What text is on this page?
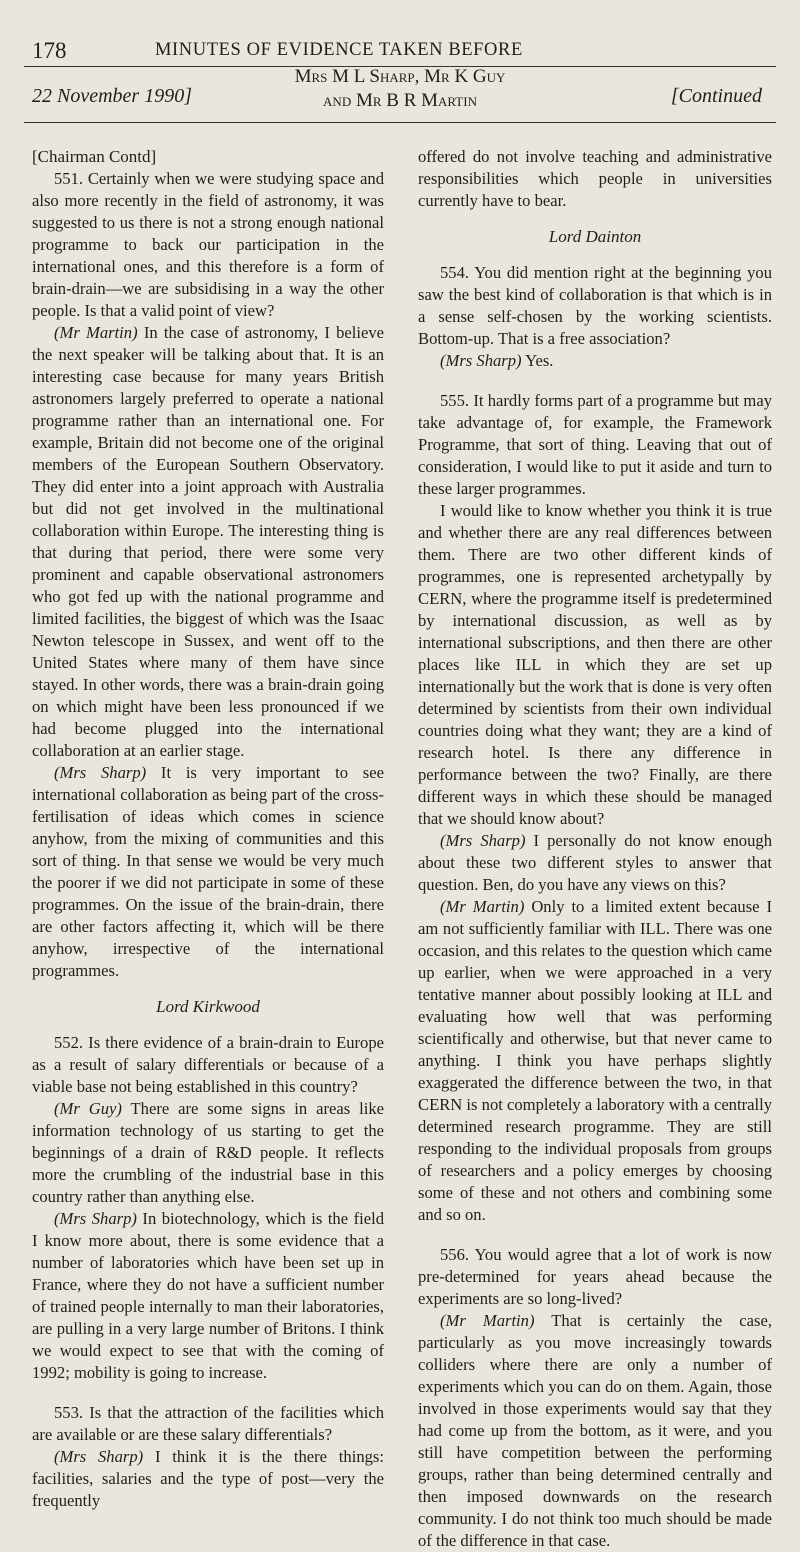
178	MINUTES OF EVIDENCE TAKEN BEFORE
22 November 1990]
Mrs M L Sharp, Mr K Guy
and Mr B R Martin	[Continued

[Chairman Contd]

551. Certainly when we were studying space and also more recently in the field of astronomy, it was suggested to us there is not a strong enough national programme to back our participation in the international ones, and this therefore is a form of brain-drain—we are subsidising in a way the other people. Is that a valid point of view?

(Mr Martin) In the case of astronomy, I believe the next speaker will be talking about that. It is an interesting case because for many years British astronomers largely preferred to operate a national programme rather than an international one. For example, Britain did not become one of the original members of the European Southern Observatory. They did enter into a joint approach with Australia but did not get involved in the multinational collaboration within Europe. The interesting thing is that during that period, there were some very prominent and capable observational astronomers who got fed up with the national programme and limited facilities, the biggest of which was the Isaac Newton telescope in Sussex, and went off to the United States where many of them have since stayed. In other words, there was a brain-drain going on which might have been less pronounced if we had become plugged into the international collaboration at an earlier stage.

(Mrs Sharp) It is very important to see international collaboration as being part of the cross-fertilisation of ideas which comes in science anyhow, from the mixing of communities and this sort of thing. In that sense we would be very much the poorer if we did not participate in some of these programmes. On the issue of the brain-drain, there are other factors affecting it, which will be there anyhow, irrespective of the international programmes.

Lord Kirkwood

552. Is there evidence of a brain-drain to Europe as a result of salary differentials or because of a viable base not being established in this country?

(Mr Guy) There are some signs in areas like information technology of us starting to get the beginnings of a drain of R&D people. It reflects more the crumbling of the industrial base in this country rather than anything else.

(Mrs Sharp) In biotechnology, which is the field I know more about, there is some evidence that a number of laboratories which have been set up in France, where they do not have a sufficient number of trained people internally to man their laboratories, are pulling in a very large number of Britons. I think we would expect to see that with the coming of 1992; mobility is going to increase.

553. Is that the attraction of the facilities which are available or are these salary differentials?

(Mrs Sharp) I think it is the there things: facilities, salaries and the type of post—very the frequently

offered do not involve teaching and administrative responsibilities which people in universities currently have to bear.

Lord Dainton

554. You did mention right at the beginning you saw the best kind of collaboration is that which is in a sense self-chosen by the working scientists. Bottom-up. That is a free association?

(Mrs Sharp) Yes.

555. It hardly forms part of a programme but may take advantage of, for example, the Framework Programme, that sort of thing. Leaving that out of consideration, I would like to put it aside and turn to these larger programmes.

I would like to know whether you think it is true and whether there are any real differences between them. There are two other different kinds of programmes, one is represented archetypally by CERN, where the programme itself is predetermined by international discussion, as well as by international subscriptions, and then there are other places like ILL in which they are set up internationally but the work that is done is very often determined by scientists from their own individual countries doing what they want; they are a kind of research hotel. Is there any difference in performance between the two? Finally, are there different ways in which these should be managed that we should know about?

(Mrs Sharp) I personally do not know enough about these two different styles to answer that question. Ben, do you have any views on this?

(Mr Martin) Only to a limited extent because I am not sufficiently familiar with ILL. There was one occasion, and this relates to the question which came up earlier, when we were approached in a very tentative manner about possibly looking at ILL and evaluating how well that was performing scientifically and otherwise, but that never came to anything. I think you have perhaps slightly exaggerated the difference between the two, in that CERN is not completely a laboratory with a centrally determined research programme. They are still responding to the individual proposals from groups of researchers and a policy emerges by choosing some of these and not others and combining some and so on.

556. You would agree that a lot of work is now pre-determined for years ahead because the experiments are so long-lived?

(Mr Martin) That is certainly the case, particularly as you move increasingly towards colliders where there are only a number of experiments which you can do on them. Again, those involved in those experiments would say that they had come up from the bottom, as it were, and you still have competition between the performing groups, rather than being determined centrally and then imposed downwards on the research community. I do not think too much should be made of the difference in that case.
